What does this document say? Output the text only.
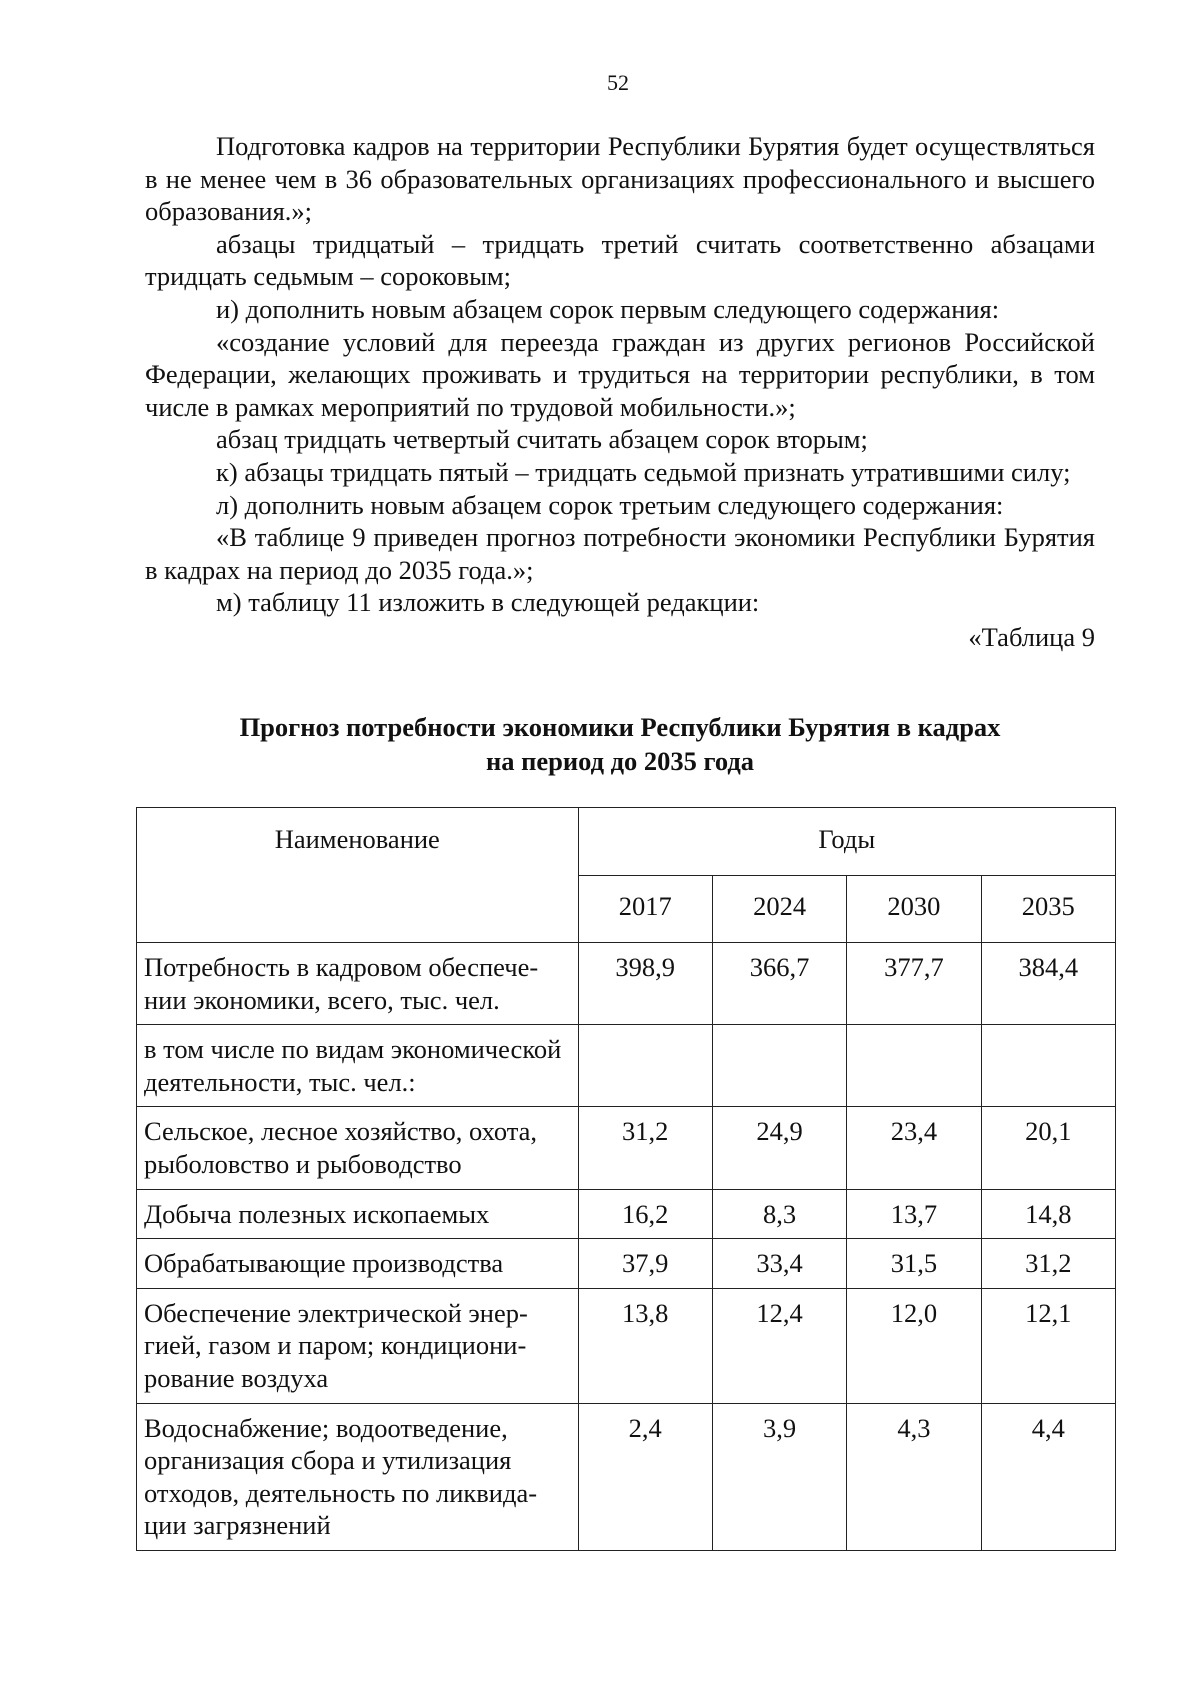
52

Подготовка кадров на территории Республики Бурятия будет осуществляться в не менее чем в 36 образовательных организациях профессионального и высшего образования.»;

абзацы тридцатый – тридцать третий считать соответственно абзацами тридцать седьмым – сороковым;

и) дополнить новым абзацем сорок первым следующего содержания:

«создание условий для переезда граждан из других регионов Российской Федерации, желающих проживать и трудиться на территории республики, в том числе в рамках мероприятий по трудовой мобильности.»;

абзац тридцать четвертый считать абзацем сорок вторым;

к) абзацы тридцать пятый – тридцать седьмой признать утратившими силу;

л) дополнить новым абзацем сорок третьим следующего содержания:

«В таблице 9 приведен прогноз потребности экономики Республики Бурятия в кадрах на период до 2035 года.»;

м) таблицу 11 изложить в следующей редакции:

«Таблица 9

Прогноз потребности экономики Республики Бурятия в кадрах
на период до 2035 года
Наименование	Годы			
	2017	2024	2030	2035
Потребность в кадровом обеспечении экономики, всего, тыс. чел.	398,9	366,7	377,7	384,4
в том числе по видам экономической деятельности, тыс. чел.:				
Сельское, лесное хозяйство, охота, рыболовство и рыбоводство	31,2	24,9	23,4	20,1
Добыча полезных ископаемых	16,2	8,3	13,7	14,8
Обрабатывающие производства	37,9	33,4	31,5	31,2
Обеспечение электрической энергией, газом и паром; кондиционирование воздуха	13,8	12,4	12,0	12,1
Водоснабжение; водоотведение, организация сбора и утилизация отходов, деятельность по ликвидации загрязнений	2,4	3,9	4,3	4,4
